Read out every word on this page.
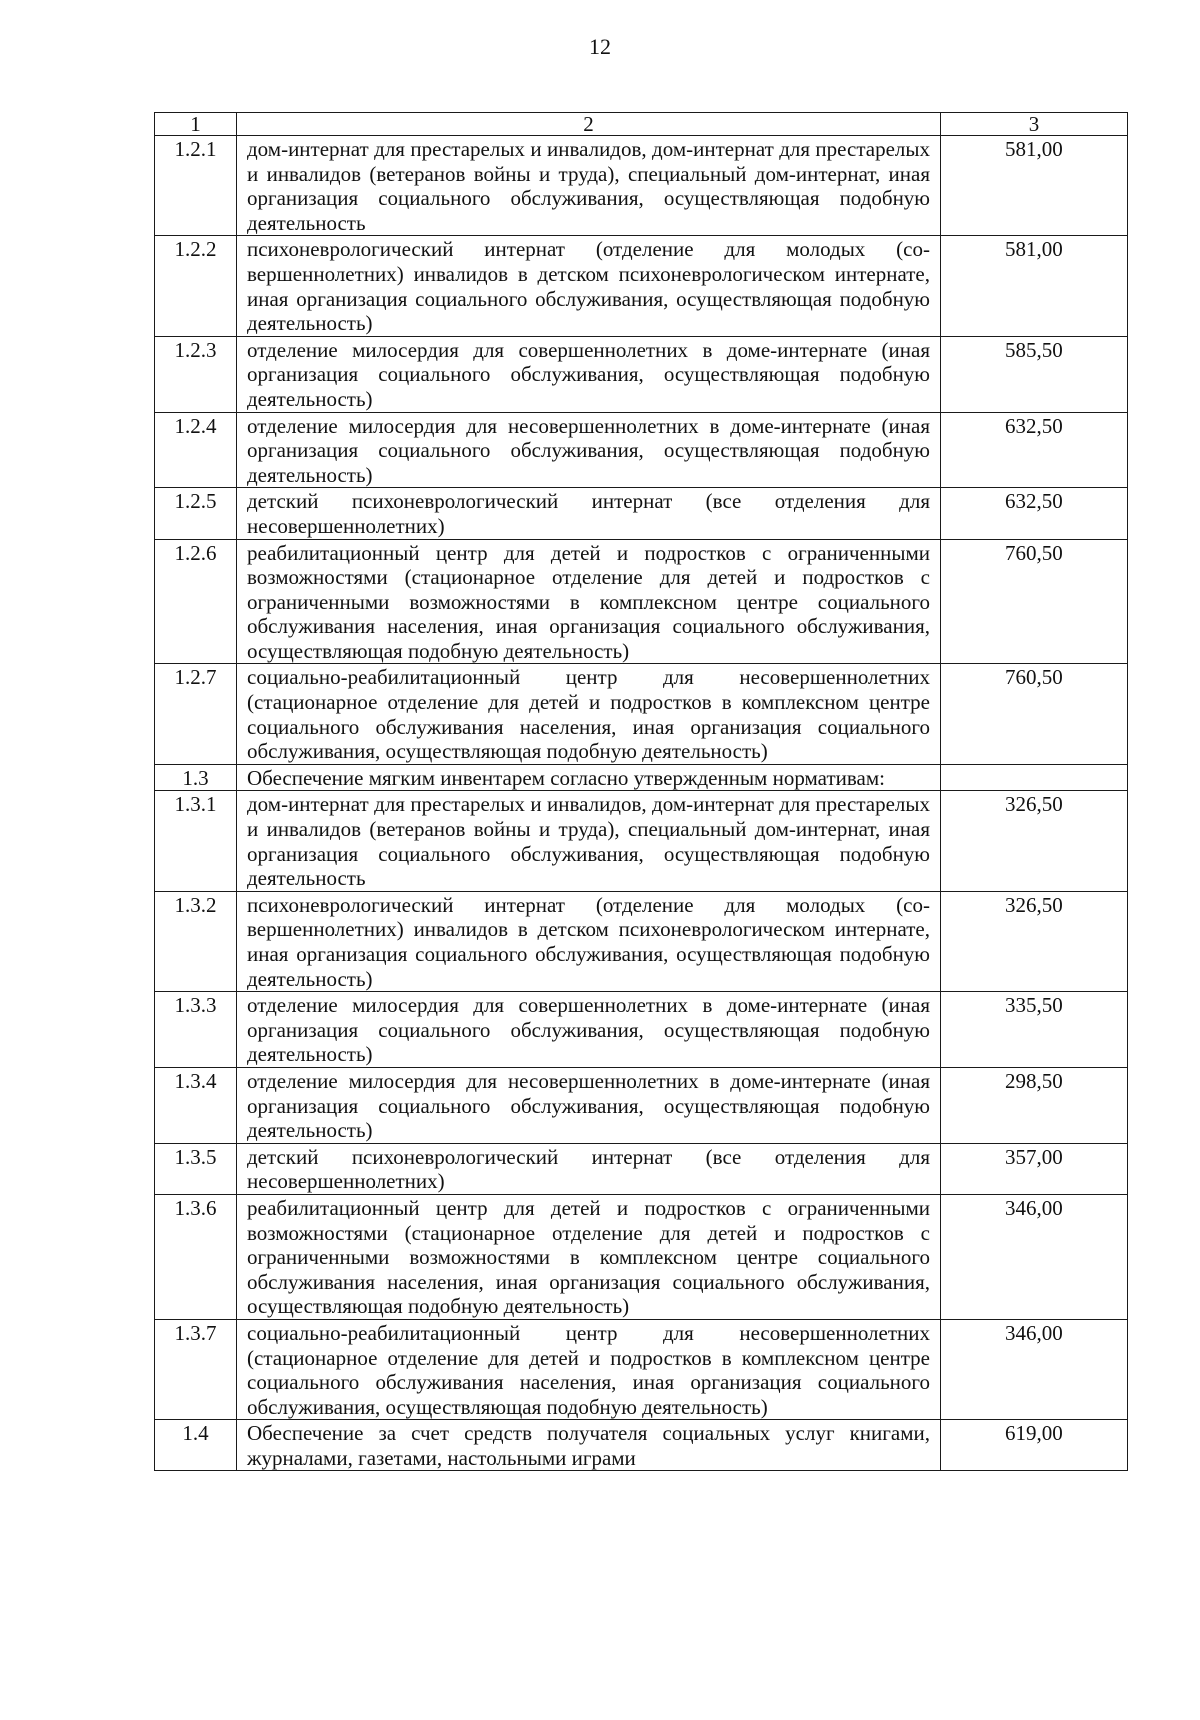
12
1	2	3
1.2.1	дом-интернат для престарелых и инвалидов, дом-интернат для престарелых и инвалидов (ветеранов войны и труда), специальный дом-интернат, иная организация социального обслуживания, осуществляющая подобную деятельность	581,00
1.2.2	психоневрологический интернат (отделение для молодых (совершеннолетних) инвалидов в детском психоневрологическом интернате, иная организация социального обслуживания, осуществляющая подобную деятельность)	581,00
1.2.3	отделение милосердия для совершеннолетних в доме-интернате (иная организация социального обслуживания, осуществляющая подобную деятельность)	585,50
1.2.4	отделение милосердия для несовершеннолетних в доме-интернате (иная организация социального обслуживания, осуществляющая подобную деятельность)	632,50
1.2.5	детский психоневрологический интернат (все отделения для несовершеннолетних)	632,50
1.2.6	реабилитационный центр для детей и подростков с ограниченными возможностями (стационарное отделение для детей и подростков с ограниченными возможностями в комплексном центре социального обслуживания населения, иная организация социального обслуживания, осуществляющая подобную деятельность)	760,50
1.2.7	социально-реабилитационный центр для несовершеннолетних (стационарное отделение для детей и подростков в комплексном центре социального обслуживания населения, иная организация социального обслуживания, осуществляющая подобную деятельность)	760,50
1.3	Обеспечение мягким инвентарем согласно утвержденным нормативам:	
1.3.1	дом-интернат для престарелых и инвалидов, дом-интернат для престарелых и инвалидов (ветеранов войны и труда), специальный дом-интернат, иная организация социального обслуживания, осуществляющая подобную деятельность	326,50
1.3.2	психоневрологический интернат (отделение для молодых (совершеннолетних) инвалидов в детском психоневрологическом интернате, иная организация социального обслуживания, осуществляющая подобную деятельность)	326,50
1.3.3	отделение милосердия для совершеннолетних в доме-интернате (иная организация социального обслуживания, осуществляющая подобную деятельность)	335,50
1.3.4	отделение милосердия для несовершеннолетних в доме-интернате (иная организация социального обслуживания, осуществляющая подобную деятельность)	298,50
1.3.5	детский психоневрологический интернат (все отделения для несовершеннолетних)	357,00
1.3.6	реабилитационный центр для детей и подростков с ограниченными возможностями (стационарное отделение для детей и подростков с ограниченными возможностями в комплексном центре социального обслуживания населения, иная организация социального обслуживания, осуществляющая подобную деятельность)	346,00
1.3.7	социально-реабилитационный центр для несовершеннолетних (стационарное отделение для детей и подростков в комплексном центре социального обслуживания населения, иная организация социального обслуживания, осуществляющая подобную деятельность)	346,00
1.4	Обеспечение за счет средств получателя социальных услуг книгами, журналами, газетами, настольными играми	619,00
